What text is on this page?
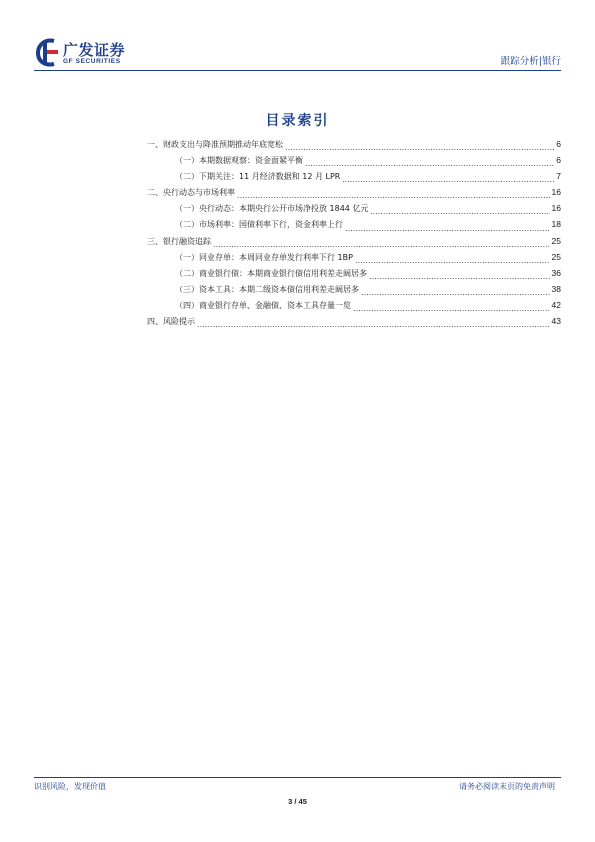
广发证券
GF SECURITIES	跟踪分析|银行
目录索引
一、财政支出与降准预期推动年底宽松	6
（一）本期数据观察：资金面紧平衡	6
（二）下期关注：11 月经济数据和 12 月 LPR	7
二、央行动态与市场利率	16
（一）央行动态：本期央行公开市场净投放 1844 亿元	16
（二）市场利率：国债利率下行，资金利率上行	18
三、银行融资追踪	25
（一）同业存单：本周同业存单发行利率下行 1BP	25
（二）商业银行债：本期商业银行债信用利差走阔居多	36
（三）资本工具：本期二级资本债信用利差走阔居多	38
（四）商业银行存单、金融债、资本工具存量一览	42
四、风险提示	43
识别风险，发现价值	请务必阅读末页的免责声明
3 / 45
